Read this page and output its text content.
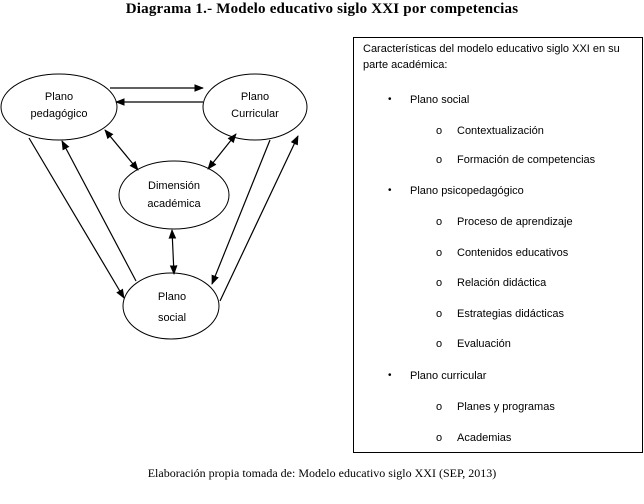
Diagrama 1.- Modelo educativo siglo XXI por competencias
Plano
pedagógico
Plano
Curricular
Dimensión
académica
Plano
social
Características del modelo educativo siglo XXI en su parte académica:
• Plano social
o Contextualización
o Formación de competencias
• Plano psicopedagógico
o Proceso de aprendizaje
o Contenidos educativos
o Relación didáctica
o Estrategias didácticas
o Evaluación
• Plano curricular
o Planes y programas
o Academias
Elaboración propia tomada de: Modelo educativo siglo XXI (SEP, 2013)
